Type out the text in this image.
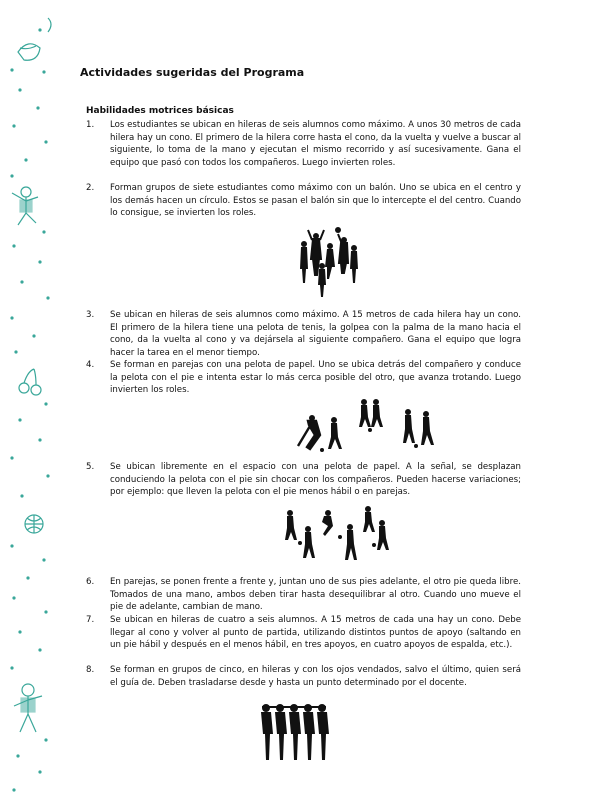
Actividades sugeridas del Programa
Habilidades motrices básicas
1. Los estudiantes se ubican en hileras de seis alumnos como máximo. A unos 30 metros de cada hilera hay un cono. El primero de la hilera corre hasta el cono, da la vuelta y vuelve a buscar al siguiente, lo toma de la mano y ejecutan el mismo recorrido y así sucesivamente. Gana el equipo que pasó con todos los compañeros. Luego invierten roles.
2. Forman grupos de siete estudiantes como máximo con un balón. Uno se ubica en el centro y los demás hacen un círculo. Estos se pasan el balón sin que lo intercepte el del centro. Cuando lo consigue, se invierten los roles.
3. Se ubican en hileras de seis alumnos como máximo. A 15 metros de cada hilera hay un cono. El primero de la hilera tiene una pelota de tenis, la golpea con la palma de la mano hacia el cono, da la vuelta al cono y va dejársela al siguiente compañero. Gana el equipo que logra hacer la tarea en el menor tiempo.
4. Se forman en parejas con una pelota de papel. Uno se ubica detrás del compañero y conduce la pelota con el pie e intenta estar lo más cerca posible del otro, que avanza trotando. Luego invierten los roles.
5. Se ubican libremente en el espacio con una pelota de papel. A la señal, se desplazan conduciendo la pelota con el pie sin chocar con los compañeros. Pueden hacerse variaciones; por ejemplo: que lleven la pelota con el pie menos hábil o en parejas.
6. En parejas, se ponen frente a frente y, juntan uno de sus pies adelante, el otro pie queda libre. Tomados de una mano, ambos deben tirar hasta desequilibrar al otro. Cuando uno mueve el pie de adelante, cambian de mano.
7. Se ubican en hileras de cuatro a seis alumnos. A 15 metros de cada una hay un cono. Debe llegar al cono y volver al punto de partida, utilizando distintos puntos de apoyo (saltando en un pie hábil y después en el menos hábil, en tres apoyos, en cuatro apoyos de espalda, etc.).
8. Se forman en grupos de cinco, en hileras y con los ojos vendados, salvo el último, quien será el guía de. Deben trasladarse desde y hasta un punto determinado por el docente.
